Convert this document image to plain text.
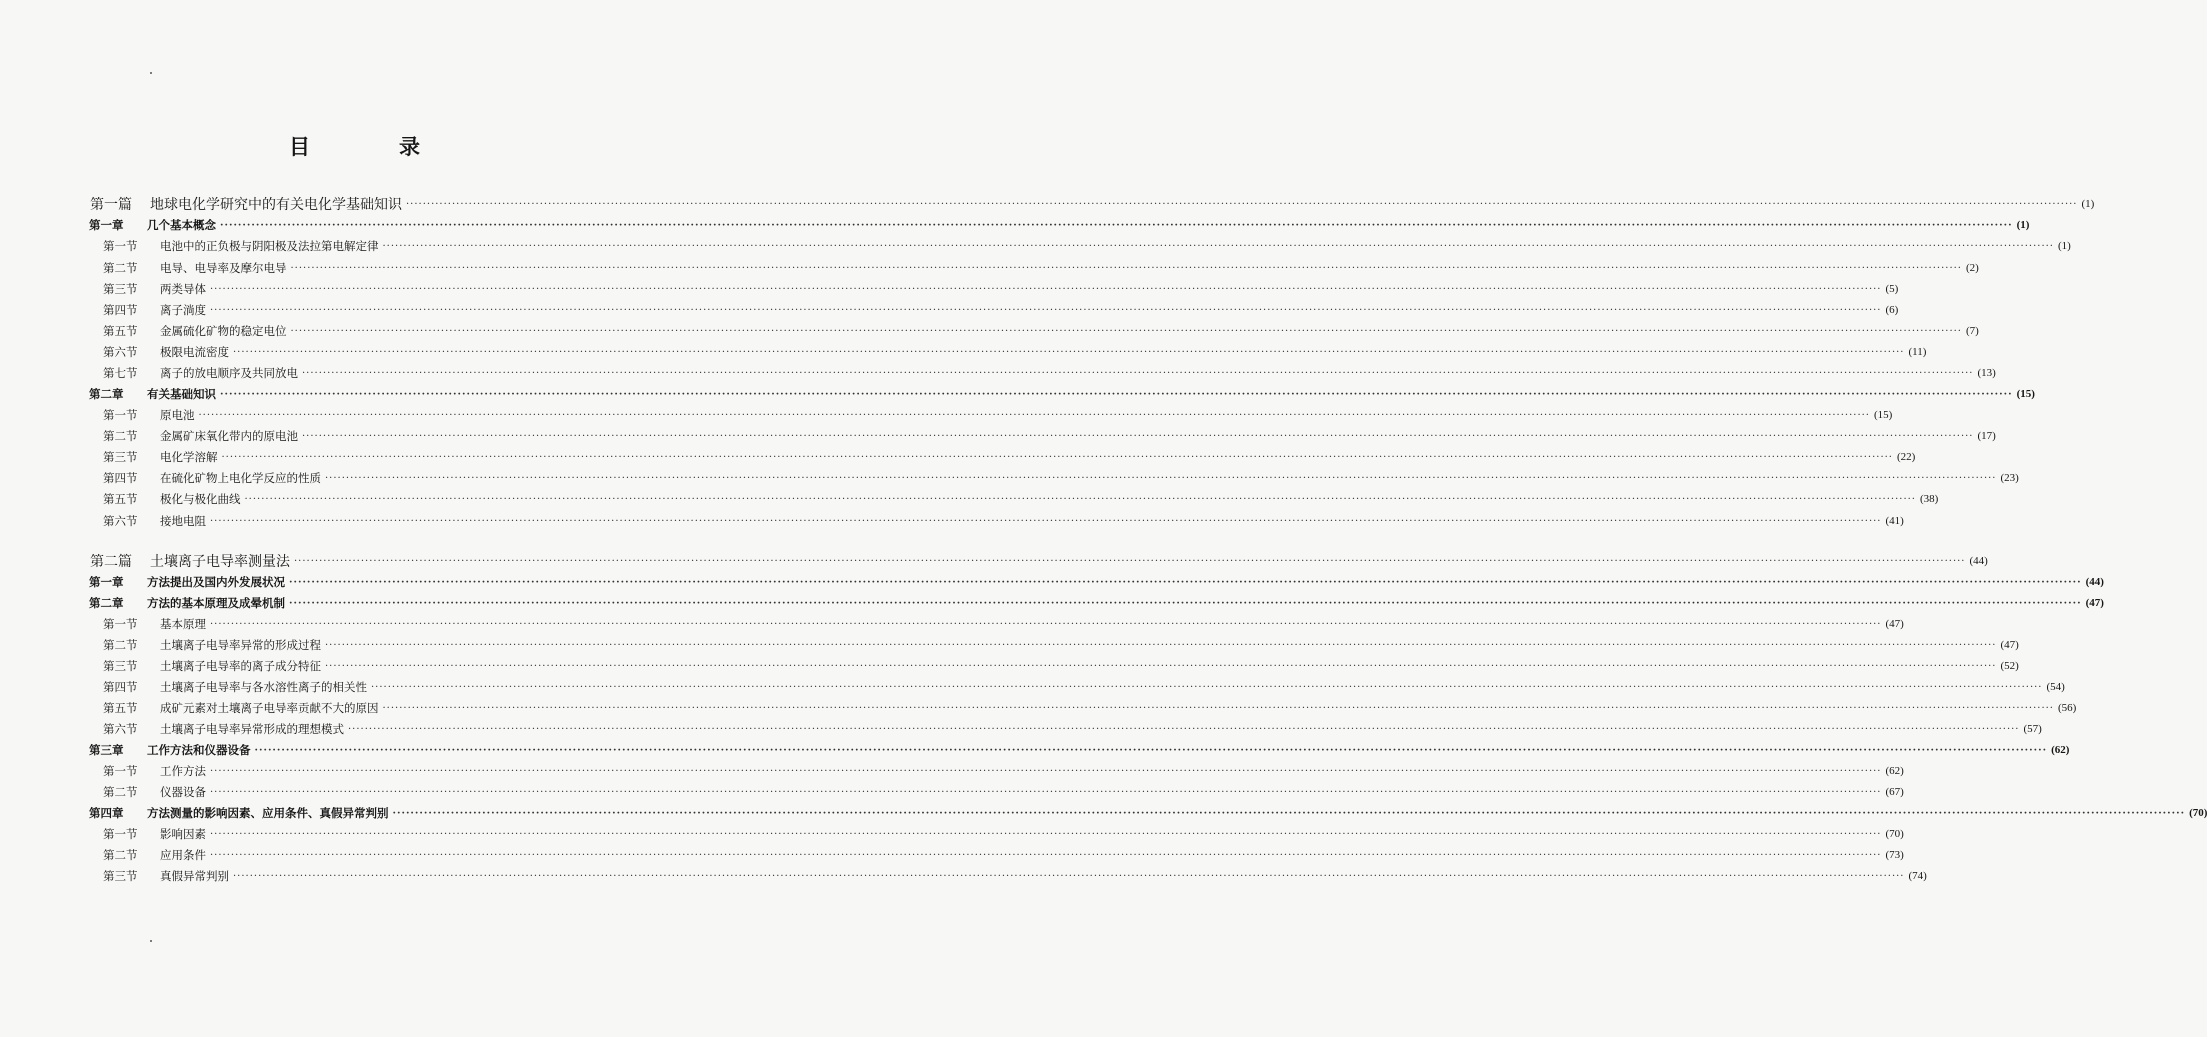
目　录
第一篇 地球电化学研究中的有关电化学基础知识 ················································································································································································································································································································································································································ (1)
第一章 几个基本概念 ················································································································································································································································································································································································································ (1)
第一节 电池中的正负极与阴阳极及法拉第电解定律 ················································································································································································································································································································································································································ (1)
第二节 电导、电导率及摩尔电导 ················································································································································································································································································································································································································ (2)
第三节 两类导体 ················································································································································································································································································································································································································ (5)
第四节 离子淌度 ················································································································································································································································································································································································································ (6)
第五节 金属硫化矿物的稳定电位 ················································································································································································································································································································································································································ (7)
第六节 极限电流密度 ················································································································································································································································································································································································································ (11)
第七节 离子的放电顺序及共同放电 ················································································································································································································································································································································································································ (13)
第二章 有关基础知识 ················································································································································································································································································································································································································ (15)
第一节 原电池 ················································································································································································································································································································································································································ (15)
第二节 金属矿床氧化带内的原电池 ················································································································································································································································································································································································································ (17)
第三节 电化学溶解 ················································································································································································································································································································································································································ (22)
第四节 在硫化矿物上电化学反应的性质 ················································································································································································································································································································································································································ (23)
第五节 极化与极化曲线 ················································································································································································································································································································································································································ (38)
第六节 接地电阻 ················································································································································································································································································································································································································ (41)
第二篇 土壤离子电导率测量法 ················································································································································································································································································································································································································ (44)
第一章 方法提出及国内外发展状况 ················································································································································································································································································································································································································ (44)
第二章 方法的基本原理及成晕机制 ················································································································································································································································································································································································································ (47)
第一节 基本原理 ················································································································································································································································································································································································································ (47)
第二节 土壤离子电导率异常的形成过程 ················································································································································································································································································································································································································ (47)
第三节 土壤离子电导率的离子成分特征 ················································································································································································································································································································································································································ (52)
第四节 土壤离子电导率与各水溶性离子的相关性 ················································································································································································································································································································································································································ (54)
第五节 成矿元素对土壤离子电导率贡献不大的原因 ················································································································································································································································································································································································································ (56)
第六节 土壤离子电导率异常形成的理想模式 ················································································································································································································································································································································································································ (57)
第三章 工作方法和仪器设备 ················································································································································································································································································································································································································ (62)
第一节 工作方法 ················································································································································································································································································································································································································ (62)
第二节 仪器设备 ················································································································································································································································································································································································································ (67)
第四章 方法测量的影响因素、应用条件、真假异常判别 ················································································································································································································································································································································································································ (70)
第一节 影响因素 ················································································································································································································································································································································································································ (70)
第二节 应用条件 ················································································································································································································································································································································································································ (73)
第三节 真假异常判别 ················································································································································································································································································································································································································ (74)
